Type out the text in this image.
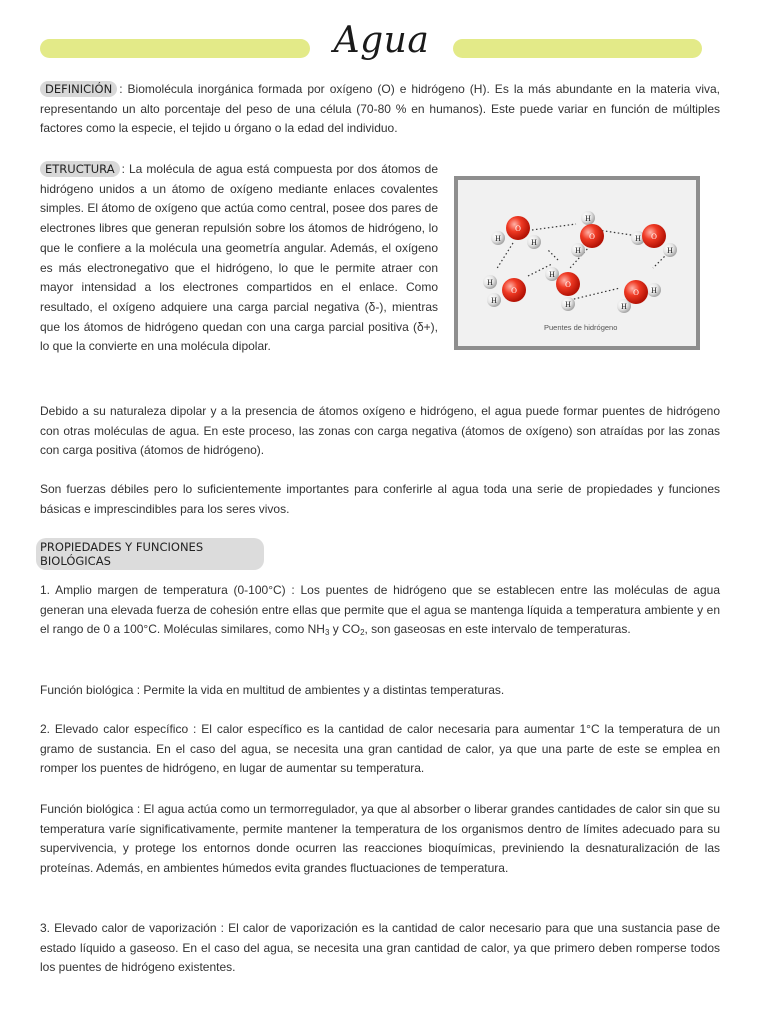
Agua
DEFINICIÓN : Biomolécula inorgánica formada por oxígeno (O) e hidrógeno (H). Es la más abundante en la materia viva, representando un alto porcentaje del peso de una célula (70-80 % en humanos). Este puede variar en función de múltiples factores como la especie, el tejido u órgano o la edad del individuo.
ETRUCTURA : La molécula de agua está compuesta por dos átomos de hidrógeno unidos a un átomo de oxígeno mediante enlaces covalentes simples. El átomo de oxígeno que actúa como central, posee dos pares de electrones libres que generan repulsión sobre los átomos de hidrógeno, lo que le confiere a la molécula una geometría angular. Además, el oxígeno es más electronegativo que el hidrógeno, lo que le permite atraer con mayor intensidad a los electrones compartidos en el enlace. Como resultado, el oxígeno adquiere una carga parcial negativa (δ-), mientras que los átomos de hidrógeno quedan con una carga parcial positiva (δ+), lo que la convierte en una molécula dipolar.
H	H
O
H
H
O	H
H
O
H
H
O
H
H
O
H
H
O
Puentes de hidrógeno
Debido a su naturaleza dipolar y a la presencia de átomos oxígeno e hidrógeno, el agua puede formar puentes de hidrógeno con otras moléculas de agua. En este proceso, las zonas con carga negativa (átomos de oxígeno) son atraídas por las zonas con carga positiva (átomos de hidrógeno).
Son fuerzas débiles pero lo suficientemente importantes para conferirle al agua toda una serie de propiedades y funciones básicas e imprescindibles para los seres vivos.
PROPIEDADES Y FUNCIONES BIOLÓGICAS
1. Amplio margen de temperatura (0-100°C) : Los puentes de hidrógeno que se establecen entre las moléculas de agua generan una elevada fuerza de cohesión entre ellas que permite que el agua se mantenga líquida a temperatura ambiente y en el rango de 0 a 100°C. Moléculas similares, como $NH_3$ y $CO_2$, son gaseosas en este intervalo de temperaturas.
Función biológica : Permite la vida en multitud de ambientes y a distintas temperaturas.
2. Elevado calor específico : El calor específico es la cantidad de calor necesaria para aumentar 1°C la temperatura de un gramo de sustancia. En el caso del agua, se necesita una gran cantidad de calor, ya que una parte de este se emplea en romper los puentes de hidrógeno, en lugar de aumentar su temperatura.
Función biológica : El agua actúa como un termorregulador, ya que al absorber o liberar grandes cantidades de calor sin que su temperatura varíe significativamente, permite mantener la temperatura de los organismos dentro de límites adecuado para su supervivencia, y protege los entornos donde ocurren las reacciones bioquímicas, previniendo la desnaturalización de las proteínas. Además, en ambientes húmedos evita grandes fluctuaciones de temperatura.
3. Elevado calor de vaporización : El calor de vaporización es la cantidad de calor necesario para que una sustancia pase de estado líquido a gaseoso. En el caso del agua, se necesita una gran cantidad de calor, ya que primero deben romperse todos los puentes de hidrógeno existentes.
